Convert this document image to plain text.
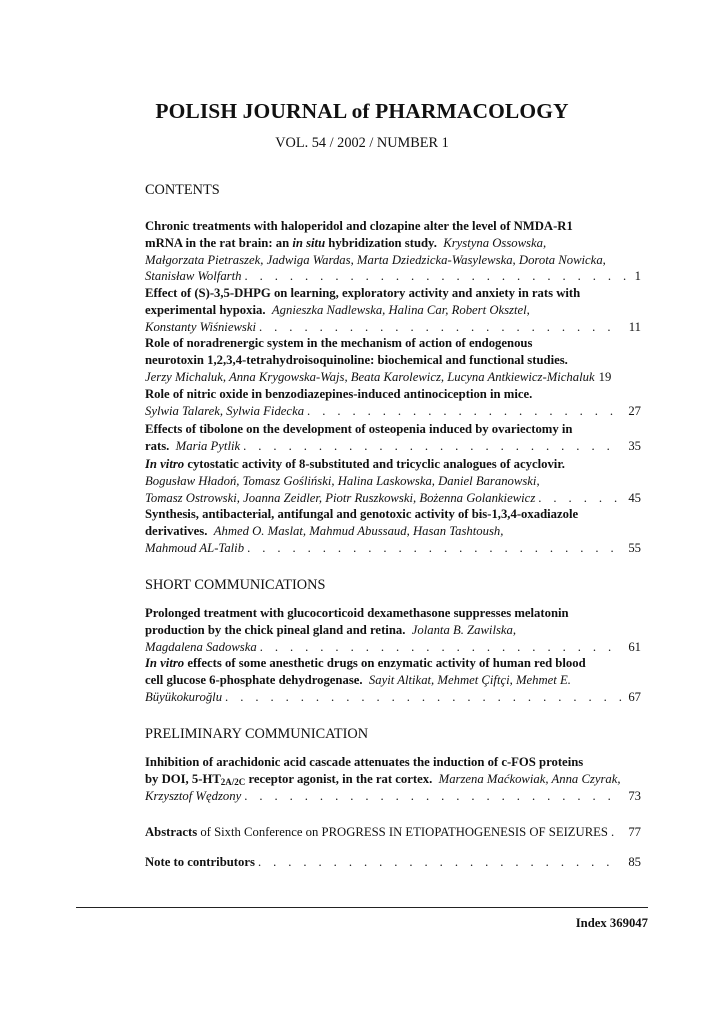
POLISH JOURNAL of PHARMACOLOGY
VOL. 54 / 2002 / NUMBER 1
CONTENTS
Chronic treatments with haloperidol and clozapine alter the level of NMDA-R1
mRNA in the rat brain: an in situ hybridization study. Krystyna Ossowska,
Małgorzata Pietraszek, Jadwiga Wardas, Marta Dziedzicka-Wasylewska, Dorota Nowicka,
Stanisław Wolfarth . . .	1
Effect of (S)-3,5-DHPG on learning, exploratory activity and anxiety in rats with
experimental hypoxia. Agnieszka Nadlewska, Halina Car, Robert Oksztel,
Konstanty Wiśniewski . . .	11
Role of noradrenergic system in the mechanism of action of endogenous
neurotoxin 1,2,3,4-tetrahydroisoquinoline: biochemical and functional studies.
Jerzy Michaluk, Anna Krygowska-Wajs, Beata Karolewicz, Lucyna Antkiewicz-Michaluk 19
Role of nitric oxide in benzodiazepines-induced antinociception in mice.
Sylwia Talarek, Sylwia Fidecka . . .	27
Effects of tibolone on the development of osteopenia induced by ovariectomy in
rats. Maria Pytlik . . .	35
In vitro cytostatic activity of 8-substituted and tricyclic analogues of acyclovir.
Bogusław Hładoń, Tomasz Gośliński, Halina Laskowska, Daniel Baranowski,
Tomasz Ostrowski, Joanna Zeidler, Piotr Ruszkowski, Bożenna Golankiewicz . . .	45
Synthesis, antibacterial, antifungal and genotoxic activity of bis-1,3,4-oxadiazole
derivatives. Ahmed O. Maslat, Mahmud Abussaud, Hasan Tashtoush,
Mahmoud AL-Talib . . .	55
SHORT COMMUNICATIONS
Prolonged treatment with glucocorticoid dexamethasone suppresses melatonin
production by the chick pineal gland and retina. Jolanta B. Zawilska,
Magdalena Sadowska . . .	61
In vitro effects of some anesthetic drugs on enzymatic activity of human red blood
cell glucose 6-phosphate dehydrogenase. Sayit Altikat, Mehmet Çiftçi, Mehmet E.
Büyükokuroğlu . . .	67
PRELIMINARY COMMUNICATION
Inhibition of arachidonic acid cascade attenuates the induction of c-FOS proteins
by DOI, $5-HT_{2A/2C}$ receptor agonist, in the rat cortex. Marzena Maćkowiak, Anna Czyrak,
Krzysztof Wędzony . . .	73
Abstracts of Sixth Conference on PROGRESS IN ETIOPATHOGENESIS OF SEIZURES . . . 77
Note to contributors . . .	85
Index 369047
